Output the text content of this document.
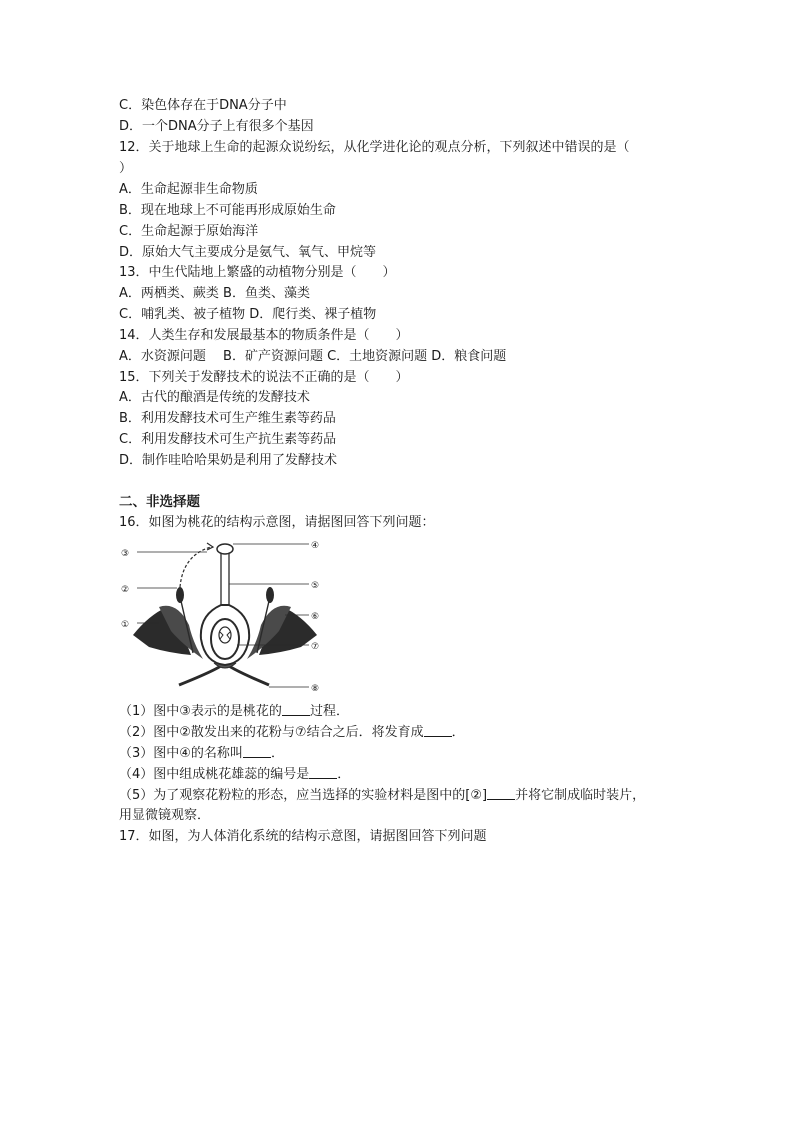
C．染色体存在于DNA分子中
D．一个DNA分子上有很多个基因
12．关于地球上生命的起源众说纷纭，从化学进化论的观点分析，下列叙述中错误的是（
）
A．生命起源非生命物质
B．现在地球上不可能再形成原始生命
C．生命起源于原始海洋
D．原始大气主要成分是氨气、氧气、甲烷等
13．中生代陆地上繁盛的动植物分别是（　　）
A．两栖类、蕨类 B．鱼类、藻类
C．哺乳类、被子植物 D．爬行类、裸子植物
14．人类生存和发展最基本的物质条件是（　　）
A．水资源问题　 B．矿产资源问题 C．土地资源问题 D．粮食问题
15．下列关于发酵技术的说法不正确的是（　　）
A．古代的酿酒是传统的发酵技术
B．利用发酵技术可生产维生素等药品
C．利用发酵技术可生产抗生素等药品
D．制作哇哈哈果奶是利用了发酵技术
二、非选择题
16．如图为桃花的结构示意图，请据图回答下列问题：
③
②
①
④
⑤
⑥
⑦
⑧
（1）图中③表示的是桃花的 过程．
（2）图中②散发出来的花粉与⑦结合之后．将发育成 ．
（3）图中④的名称叫 ．
（4）图中组成桃花雄蕊的编号是 ．
（5）为了观察花粉粒的形态，应当选择的实验材料是图中的[②] 并将它制成临时装片，
用显微镜观察．
17．如图，为人体消化系统的结构示意图，请据图回答下列问题
